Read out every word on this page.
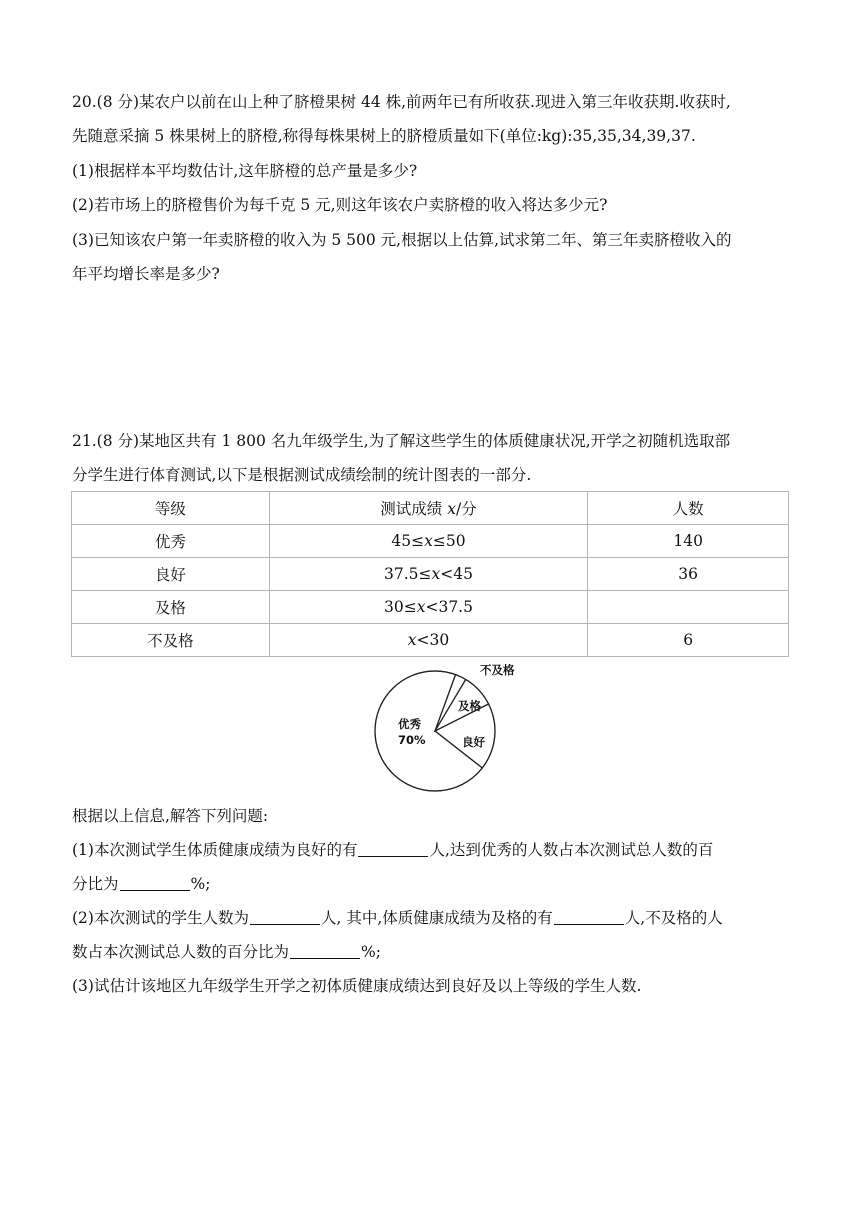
20.(8 分)某农户以前在山上种了脐橙果树 44 株,前两年已有所收获.现进入第三年收获期.收获时,
先随意采摘 5 株果树上的脐橙,称得每株果树上的脐橙质量如下(单位:kg):35,35,34,39,37.
(1)根据样本平均数估计,这年脐橙的总产量是多少?
(2)若市场上的脐橙售价为每千克 5 元,则这年该农户卖脐橙的收入将达多少元?
(3)已知该农户第一年卖脐橙的收入为 5 500 元,根据以上估算,试求第二年、第三年卖脐橙收入的
年平均增长率是多少?
21.(8 分)某地区共有 1 800 名九年级学生,为了解这些学生的体质健康状况,开学之初随机选取部
分学生进行体育测试,以下是根据测试成绩绘制的统计图表的一部分.
等级	测试成绩 x/分	人数
优秀	45≤x≤50	140
良好	37.5≤x<45	36
及格	30≤x<37.5	
不及格	x<30	6
优秀
70%
不及格
及格
良好
根据以上信息,解答下列问题:
(1)本次测试学生体质健康成绩为良好的有	人,达到优秀的人数占本次测试总人数的百
分比为	%;
(2)本次测试的学生人数为	人, 其中,体质健康成绩为及格的有	人,不及格的人
数占本次测试总人数的百分比为	%;
(3)试估计该地区九年级学生开学之初体质健康成绩达到良好及以上等级的学生人数.
